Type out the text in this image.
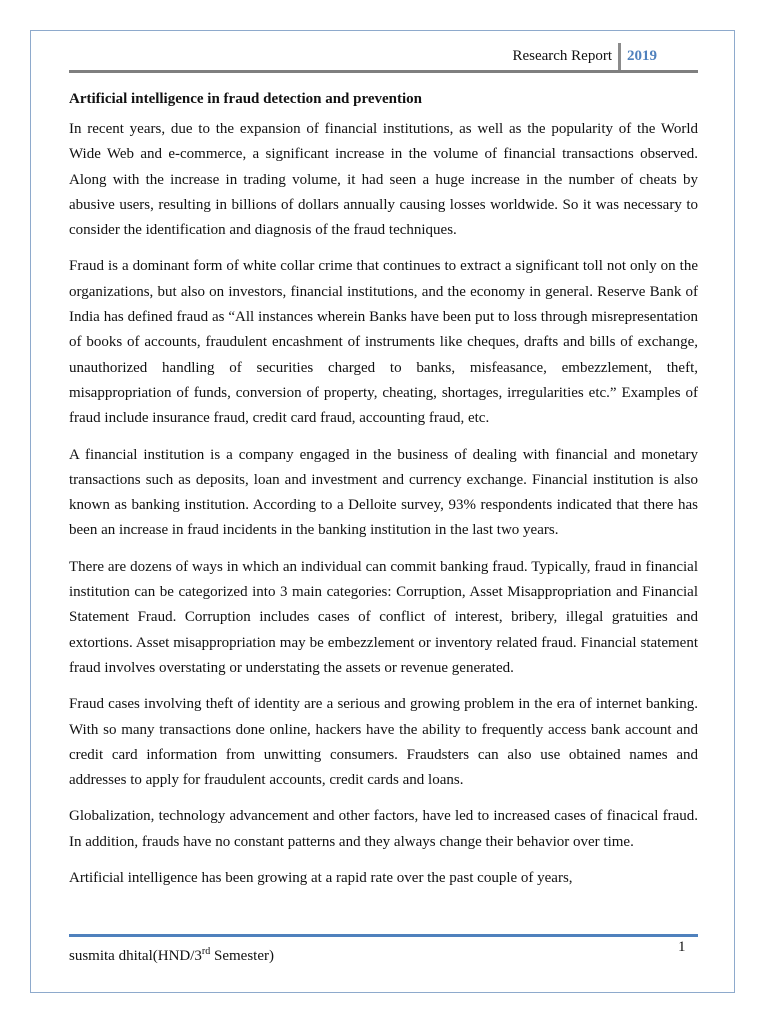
Research Report 2019

Artificial intelligence in fraud detection and prevention

In recent years, due to the expansion of financial institutions, as well as the popularity of the World Wide Web and e-commerce, a significant increase in the volume of financial transactions observed. Along with the increase in trading volume, it had seen a huge increase in the number of cheats by abusive users, resulting in billions of dollars annually causing losses worldwide. So it was necessary to consider the identification and diagnosis of the fraud techniques.

Fraud is a dominant form of white collar crime that continues to extract a significant toll not only on the organizations, but also on investors, financial institutions, and the economy in general. Reserve Bank of India has defined fraud as “All instances wherein Banks have been put to loss through misrepresentation of books of accounts, fraudulent encashment of instruments like cheques, drafts and bills of exchange, unauthorized handling of securities charged to banks, misfeasance, embezzlement, theft, misappropriation of funds, conversion of property, cheating, shortages, irregularities etc.” Examples of fraud include insurance fraud, credit card fraud, accounting fraud, etc.

A financial institution is a company engaged in the business of dealing with financial and monetary transactions such as deposits, loan and investment and currency exchange. Financial institution is also known as banking institution. According to a Delloite survey, 93% respondents indicated that there has been an increase in fraud incidents in the banking institution in the last two years.

There are dozens of ways in which an individual can commit banking fraud. Typically, fraud in financial institution can be categorized into 3 main categories: Corruption, Asset Misappropriation and Financial Statement Fraud. Corruption includes cases of conflict of interest, bribery, illegal gratuities and extortions. Asset misappropriation may be embezzlement or inventory related fraud. Financial statement fraud involves overstating or understating the assets or revenue generated.

Fraud cases involving theft of identity are a serious and growing problem in the era of internet banking. With so many transactions done online, hackers have the ability to frequently access bank account and credit card information from unwitting consumers. Fraudsters can also use obtained names and addresses to apply for fraudulent accounts, credit cards and loans.

Globalization, technology advancement and other factors, have led to increased cases of finacical fraud. In addition, frauds have no constant patterns and they always change their behavior over time.

Artificial intelligence has been growing at a rapid rate over the past couple of years,

1
susmita dhital(HND/3rd Semester)
